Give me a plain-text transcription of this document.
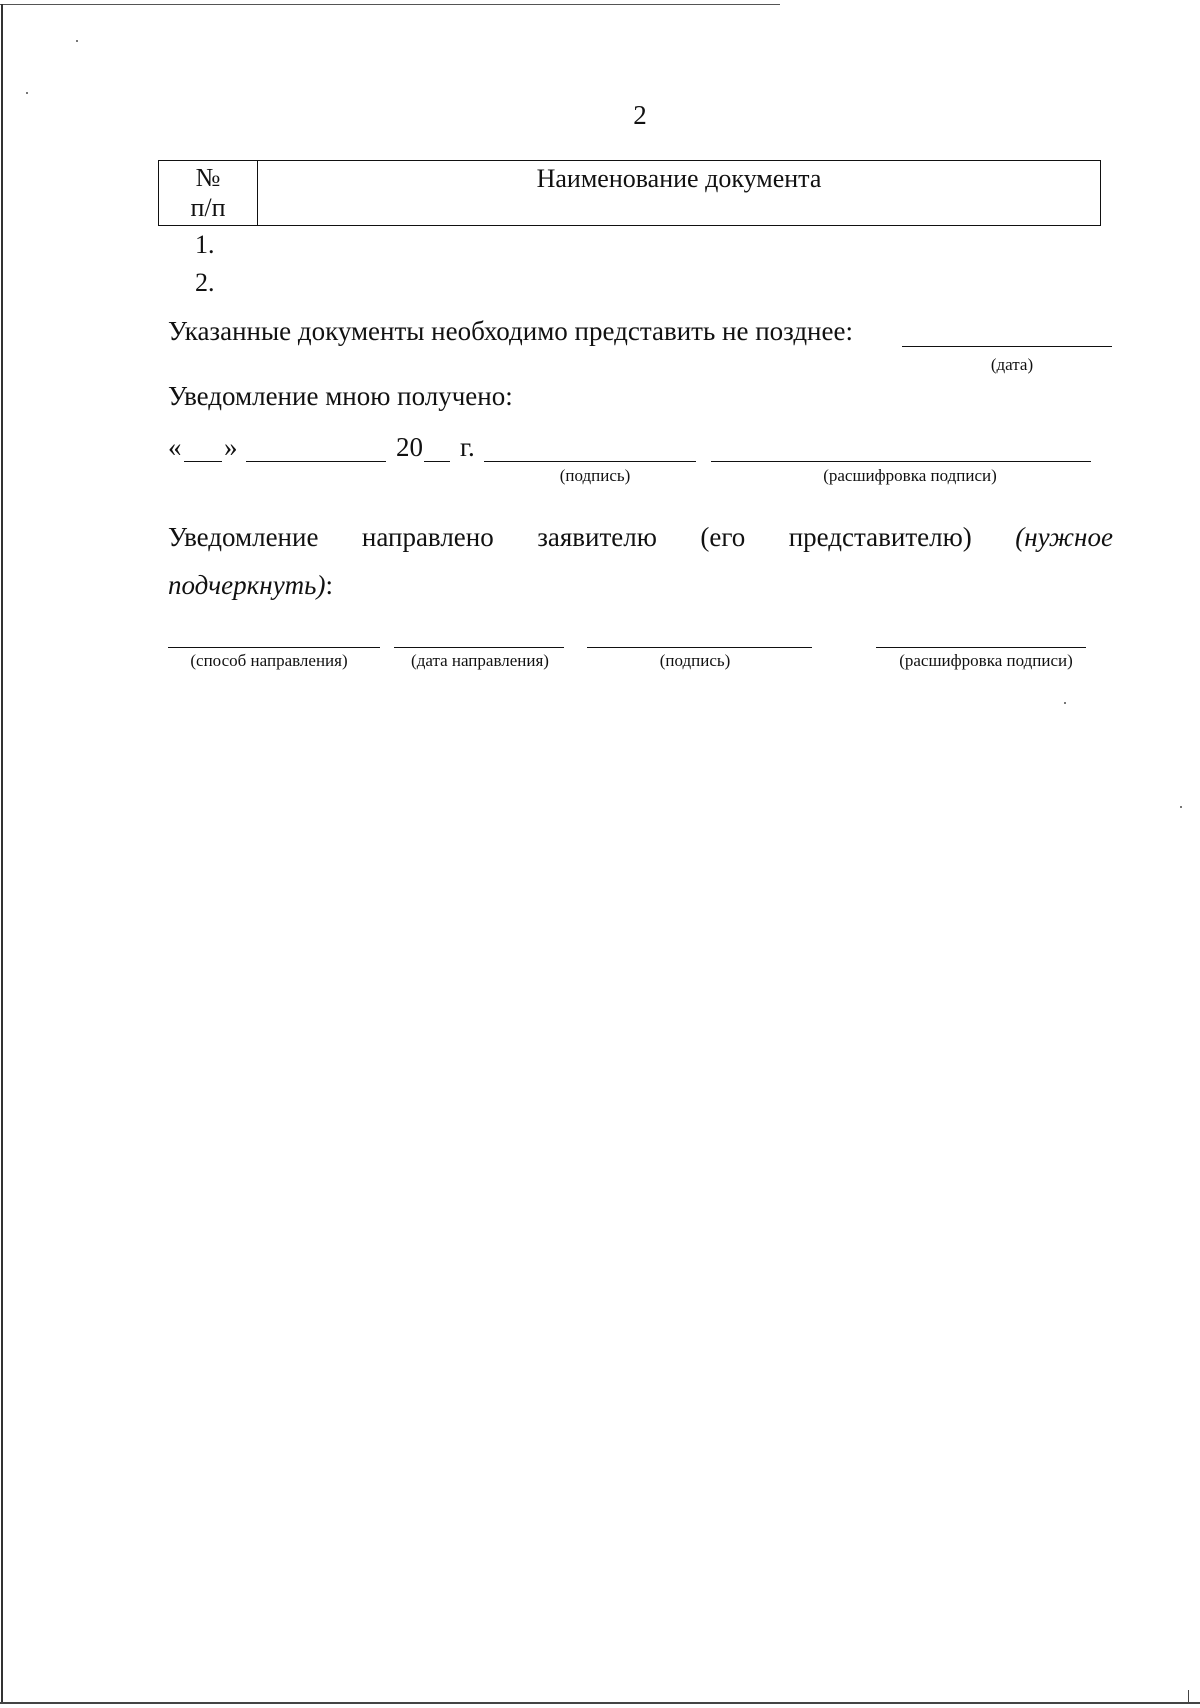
2
№
п/п
	Наименование документа
1.
2.
Указанные документы необходимо представить не позднее:
(дата)
Уведомление мною получено:
« »	20 г.
(подпись)	(расшифровка подписи)
Уведомление направлено заявителю (его представителю) (нужное
подчеркнуть):
(способ направления)	(дата направления)	(подпись)	(расшифровка подписи)
